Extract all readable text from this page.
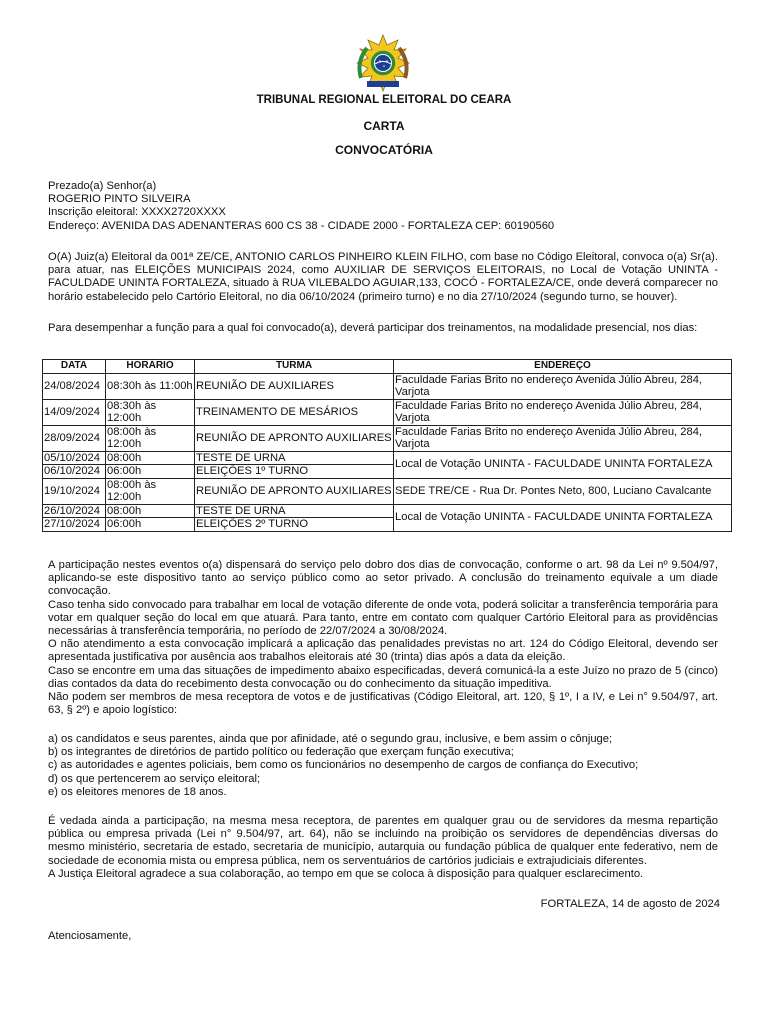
TRIBUNAL REGIONAL ELEITORAL DO CEARA
CARTA
CONVOCATÓRIA
Prezado(a) Senhor(a)
ROGERIO PINTO SILVEIRA
Inscrição eleitoral: XXXX2720XXXX
Endereço: AVENIDA DAS ADENANTERAS 600 CS 38 - CIDADE 2000 - FORTALEZA CEP: 60190560
O(A) Juiz(a) Eleitoral da 001ª ZE/CE, ANTONIO CARLOS PINHEIRO KLEIN FILHO, com base no Código Eleitoral, convoca o(a) Sr(a). para atuar, nas ELEIÇÕES MUNICIPAIS 2024, como AUXILIAR DE SERVIÇOS ELEITORAIS, no Local de Votação UNINTA - FACULDADE UNINTA FORTALEZA, situado à RUA VILEBALDO AGUIAR,133, COCÓ - FORTALEZA/CE, onde deverá comparecer no horário estabelecido pelo Cartório Eleitoral, no dia 06/10/2024 (primeiro turno) e no dia 27/10/2024 (segundo turno, se houver).
Para desempenhar a função para a qual foi convocado(a), deverá participar dos treinamentos, na modalidade presencial, nos dias:
DATA	HORÁRIO	TURMA	ENDEREÇO
24/08/2024	08:30h às 11:00h	REUNIÃO DE AUXILIARES	Faculdade Farias Brito no endereço Avenida Júlio Abreu, 284, Varjota
14/09/2024	08:30h às 12:00h	TREINAMENTO DE MESÁRIOS	Faculdade Farias Brito no endereço Avenida Júlio Abreu, 284, Varjota
28/09/2024	08:00h às 12:00h	REUNIÃO DE APRONTO AUXILIARES	Faculdade Farias Brito no endereço Avenida Júlio Abreu, 284, Varjota
05/10/2024	08:00h	TESTE DE URNA	Local de Votação UNINTA - FACULDADE UNINTA FORTALEZA
06/10/2024	06:00h	ELEIÇÕES 1º TURNO	
19/10/2024	08:00h às 12:00h	REUNIÃO DE APRONTO AUXILIARES	SEDE TRE/CE - Rua Dr. Pontes Neto, 800, Luciano Cavalcante
26/10/2024	08:00h	TESTE DE URNA	Local de Votação UNINTA - FACULDADE UNINTA FORTALEZA
27/10/2024	06:00h	ELEIÇÕES 2º TURNO	

A participação nestes eventos o(a) dispensará do serviço pelo dobro dos dias de convocação, conforme o art. 98 da Lei nº 9.504/97, aplicando-se este dispositivo tanto ao serviço público como ao setor privado. A conclusão do treinamento equivale a um diade convocação.

Caso tenha sido convocado para trabalhar em local de votação diferente de onde vota, poderá solicitar a transferência temporária para votar em qualquer seção do local em que atuará. Para tanto, entre em contato com qualquer Cartório Eleitoral para as providências necessárias à transferência temporária, no período de 22/07/2024 a 30/08/2024.

O não atendimento a esta convocação implicará a aplicação das penalidades previstas no art. 124 do Código Eleitoral, devendo ser apresentada justificativa por ausência aos trabalhos eleitorais até 30 (trinta) dias após a data da eleição.

Caso se encontre em uma das situações de impedimento abaixo especificadas, deverá comunicá-la a este Juízo no prazo de 5 (cinco) dias contados da data do recebimento desta convocação ou do conhecimento da situação impeditiva.

Não podem ser membros de mesa receptora de votos e de justificativas (Código Eleitoral, art. 120, § 1º, I a IV, e Lei n° 9.504/97, art. 63, § 2º) e apoio logístico:

a) os candidatos e seus parentes, ainda que por afinidade, até o segundo grau, inclusive, e bem assim o cônjuge;

b) os integrantes de diretórios de partido político ou federação que exerçam função executiva;

c) as autoridades e agentes policiais, bem como os funcionários no desempenho de cargos de confiança do Executivo;

d) os que pertencerem ao serviço eleitoral;

e) os eleitores menores de 18 anos.

É vedada ainda a participação, na mesma mesa receptora, de parentes em qualquer grau ou de servidores da mesma repartição pública ou empresa privada (Lei n° 9.504/97, art. 64), não se incluindo na proibição os servidores de dependências diversas do mesmo ministério, secretaria de estado, secretaria de município, autarquia ou fundação pública de qualquer ente federativo, nem de sociedade de economia mista ou empresa pública, nem os serventuários de cartórios judiciais e extrajudiciais diferentes.

A Justiça Eleitoral agradece a sua colaboração, ao tempo em que se coloca à disposição para qualquer esclarecimento.

FORTALEZA, 14 de agosto de 2024
Atenciosamente,
